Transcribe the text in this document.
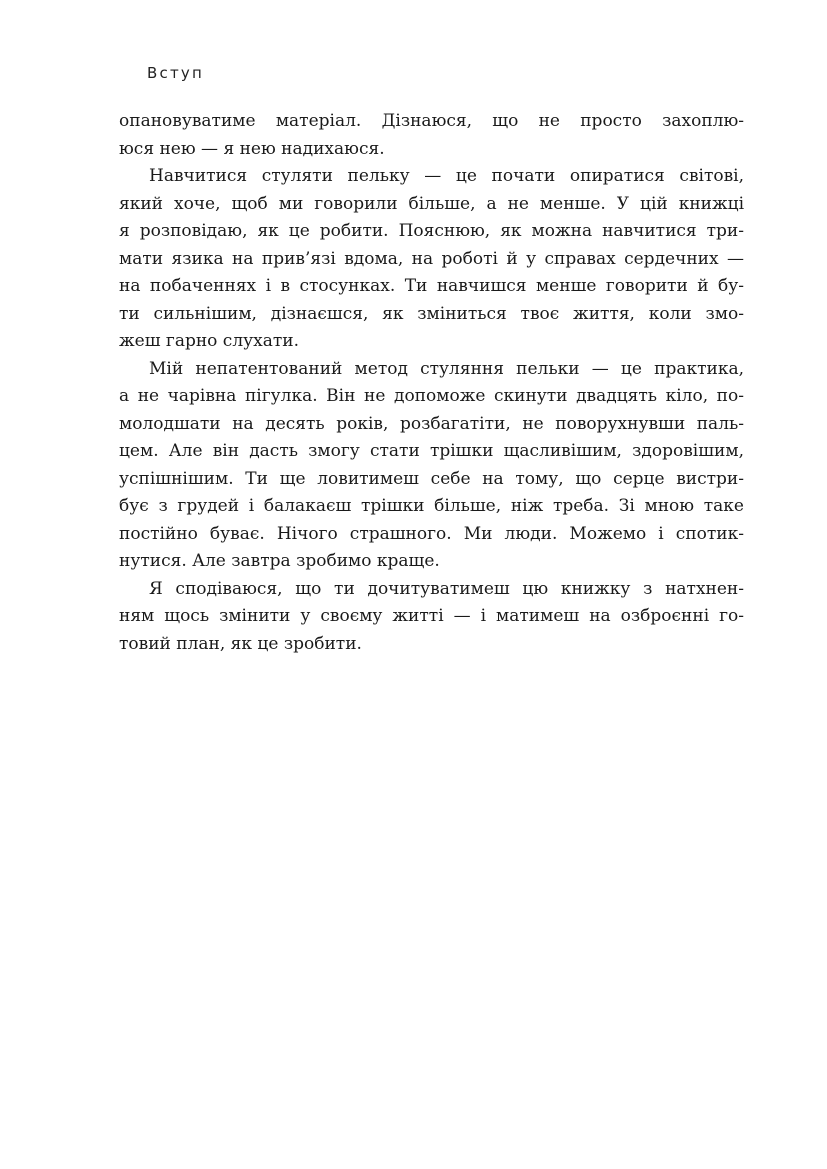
Вступ
опановуватиме матеріал. Дізнаюся, що не просто захоплю-
юся нею — я нею надихаюся.
Навчитися стуляти пельку — це почати опиратися світові,
який хоче, щоб ми говорили більше, а не менше. У цій книжці
я розповідаю, як це робити. Пояснюю, як можна навчитися три-
мати язика на прив’язі вдома, на роботі й у справах сердечних —
на побаченнях і в стосунках. Ти навчишся менше говорити й бу-
ти сильнішим, дізнаєшся, як зміниться твоє життя, коли змо-
жеш гарно слухати.
Мій непатентований метод стуляння пельки — це практика,
а не чарівна пігулка. Він не допоможе скинути двадцять кіло, по-
молодшати на десять років, розбагатіти, не поворухнувши паль-
цем. Але він дасть змогу стати трішки щасливішим, здоровішим,
успішнішим. Ти ще ловитимеш себе на тому, що серце вистри-
бує з грудей і балакаєш трішки більше, ніж треба. Зі мною таке
постійно буває. Нічого страшного. Ми люди. Можемо і спотик-
нутися. Але завтра зробимо краще.
Я сподіваюся, що ти дочитуватимеш цю книжку з натхнен-
ням щось змінити у своєму житті — і матимеш на озброєнні го-
товий план, як це зробити.
